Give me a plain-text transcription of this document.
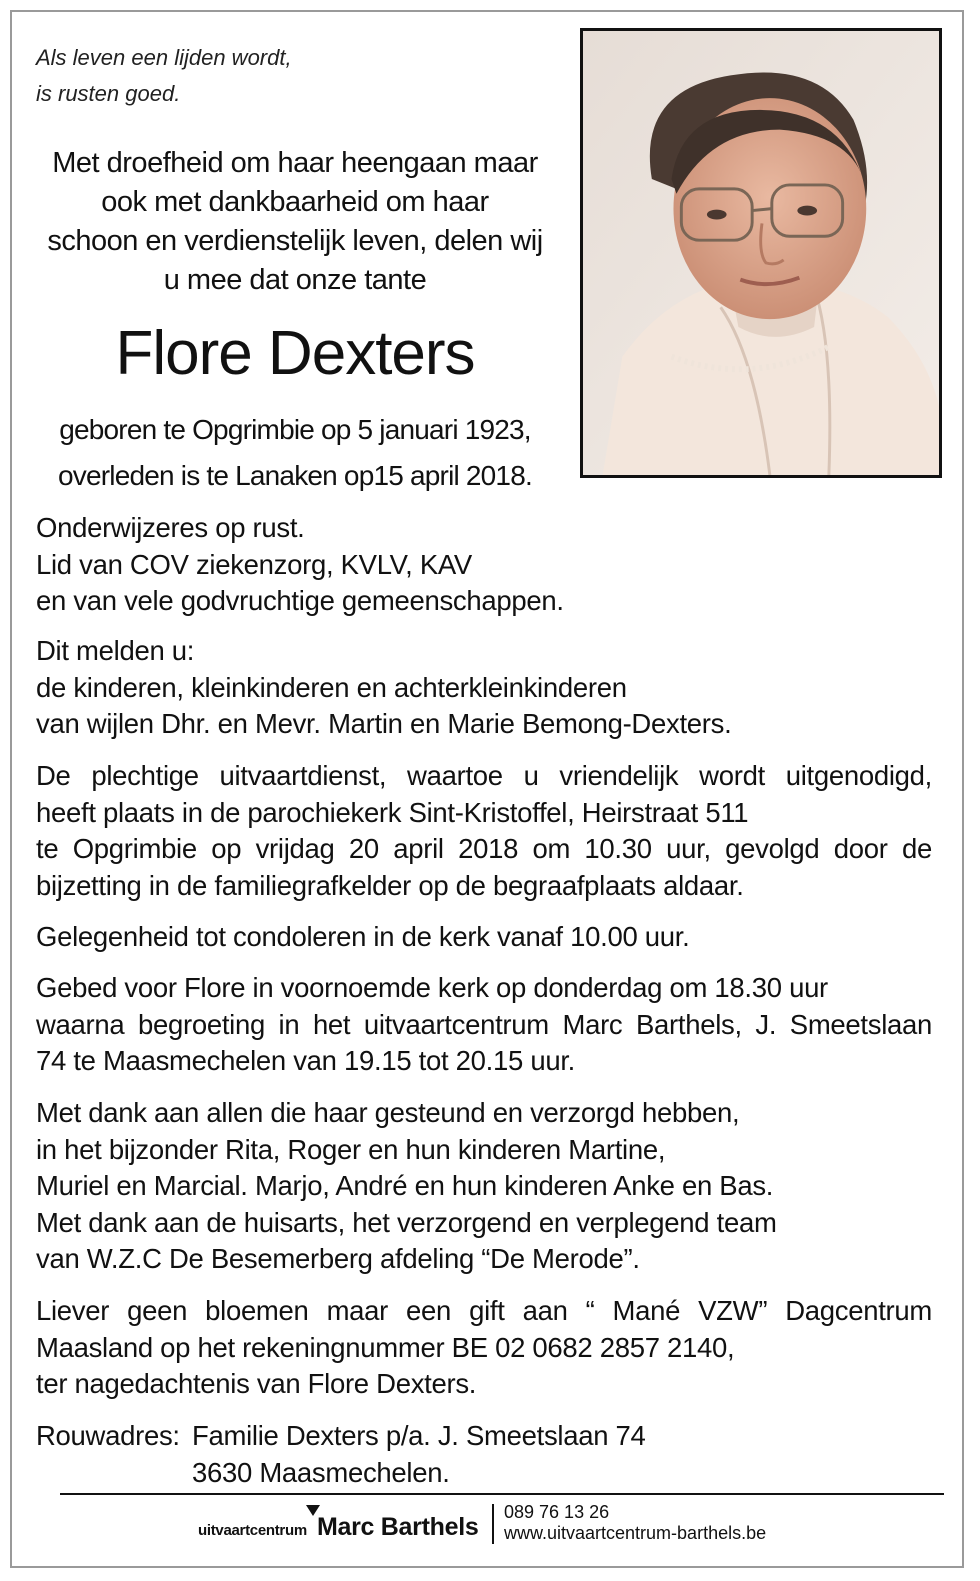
Als leven een lijden wordt,
is rusten goed.
Met droefheid om haar heengaan maar
ook met dankbaarheid om haar
schoon en verdienstelijk leven, delen wij
u mee dat onze tante
Flore Dexters
geboren te Opgrimbie op 5 januari 1923,
overleden is te Lanaken op15 april 2018.
Onderwijzeres op rust.
Lid van COV ziekenzorg, KVLV, KAV
en van vele godvruchtige gemeenschappen.
Dit melden u:
de kinderen, kleinkinderen en achterkleinkinderen
van wijlen Dhr. en Mevr. Martin en Marie Bemong-Dexters.
De plechtige uitvaartdienst, waartoe u vriendelijk wordt uitgenodigd,
heeft plaats in de parochiekerk Sint-Kristoffel, Heirstraat 511
te Opgrimbie op vrijdag 20 april 2018 om 10.30 uur, gevolgd door de
bijzetting in de familiegrafkelder op de begraafplaats aldaar.
Gelegenheid tot condoleren in de kerk vanaf 10.00 uur.
Gebed voor Flore in voornoemde kerk op donderdag om 18.30 uur
waarna begroeting in het uitvaartcentrum Marc Barthels, J. Smeetslaan
74 te Maasmechelen van 19.15 tot 20.15 uur.
Met dank aan allen die haar gesteund en verzorgd hebben,
in het bijzonder Rita, Roger en hun kinderen Martine,
Muriel en Marcial. Marjo, André en hun kinderen Anke en Bas.
Met dank aan de huisarts, het verzorgend en verplegend team
van W.Z.C De Besemerberg afdeling “De Merode”.
Liever geen bloemen maar een gift aan “ Mané VZW” Dagcentrum
Maasland op het rekeningnummer BE 02 0682 2857 2140,
ter nagedachtenis van Flore Dexters.
Rouwadres: Familie Dexters p/a. J. Smeetslaan 74
3630 Maasmechelen.
uitvaartcentrum Marc Barthels
089 76 13 26
www.uitvaartcentrum-barthels.be
